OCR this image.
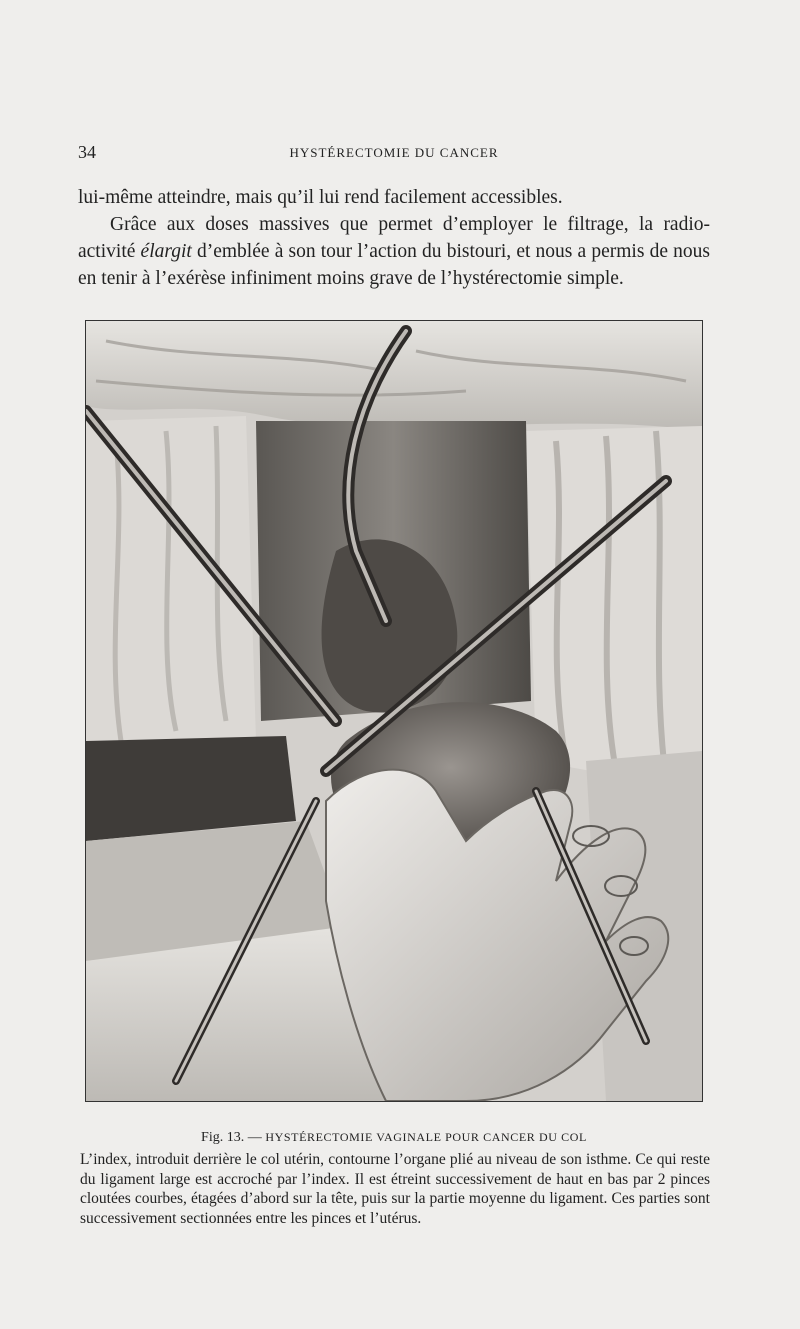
34	HYSTÉRECTOMIE DU CANCER

lui-même atteindre, mais qu’il lui rend facilement accessibles.

Grâce aux doses massives que permet d’employer le filtrage, la radio-activité élargit d’emblée à son tour l’action du bistouri, et nous a permis de nous en tenir à l’exérèse infiniment moins grave de l’hystérectomie simple.

Fig. 13. — HYSTÉRECTOMIE VAGINALE POUR CANCER DU COL
L’index, introduit derrière le col utérin, contourne l’organe plié au niveau de son isthme. Ce qui reste du ligament large est accroché par l’index. Il est étreint successivement de haut en bas par 2 pinces cloutées courbes, étagées d’abord sur la tête, puis sur la partie moyenne du ligament. Ces parties sont successivement sectionnées entre les pinces et l’utérus.
